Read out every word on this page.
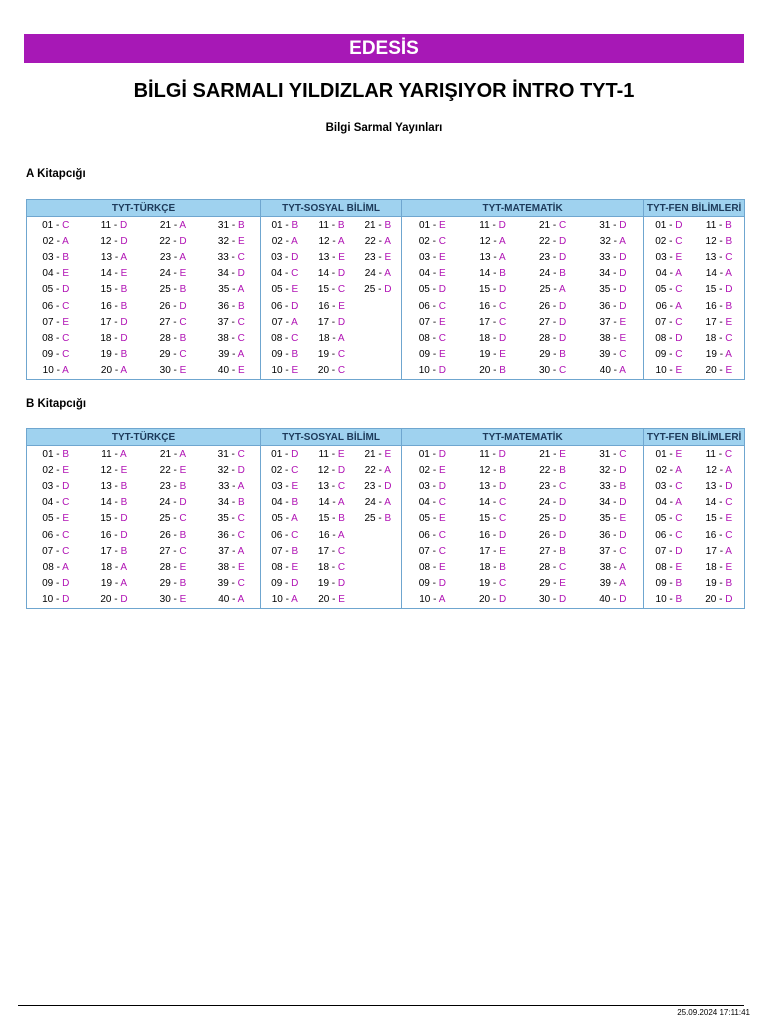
EDESİS
BİLGİ SARMALI YILDIZLAR YARIŞIYOR İNTRO TYT-1
Bilgi Sarmal Yayınları
A Kitapcığı
TYT-TÜRKÇE				TYT-SOSYAL BİLİML			TYT-MATEMATİK				TYT-FEN BİLİMLERİ	
01 - C	11 - D	21 - A	31 - B	01 - B	11 - B	21 - B	01 - E	11 - D	21 - C	31 - D	01 - D	11 - B
02 - A	12 - D	22 - D	32 - E	02 - A	12 - A	22 - A	02 - C	12 - A	22 - D	32 - A	02 - C	12 - B
03 - B	13 - A	23 - A	33 - C	03 - D	13 - E	23 - E	03 - E	13 - A	23 - D	33 - D	03 - E	13 - C
04 - E	14 - E	24 - E	34 - D	04 - C	14 - D	24 - A	04 - E	14 - B	24 - B	34 - D	04 - A	14 - A
05 - D	15 - B	25 - B	35 - A	05 - E	15 - C	25 - D	05 - D	15 - D	25 - A	35 - D	05 - C	15 - D
06 - C	16 - B	26 - D	36 - B	06 - D	16 - E		06 - C	16 - C	26 - D	36 - D	06 - A	16 - B
07 - E	17 - D	27 - C	37 - C	07 - A	17 - D		07 - E	17 - C	27 - D	37 - E	07 - C	17 - E
08 - C	18 - D	28 - B	38 - C	08 - C	18 - A		08 - C	18 - D	28 - D	38 - E	08 - D	18 - C
09 - C	19 - B	29 - C	39 - A	09 - B	19 - C		09 - E	19 - E	29 - B	39 - C	09 - C	19 - A
10 - A	20 - A	30 - E	40 - E	10 - E	20 - C		10 - D	20 - B	30 - C	40 - A	10 - E	20 - E
B Kitapcığı
TYT-TÜRKÇE				TYT-SOSYAL BİLİML			TYT-MATEMATİK				TYT-FEN BİLİMLERİ	
01 - B	11 - A	21 - A	31 - C	01 - D	11 - E	21 - E	01 - D	11 - D	21 - E	31 - C	01 - E	11 - C
02 - E	12 - E	22 - E	32 - D	02 - C	12 - D	22 - A	02 - E	12 - B	22 - B	32 - D	02 - A	12 - A
03 - D	13 - B	23 - B	33 - A	03 - E	13 - C	23 - D	03 - D	13 - D	23 - C	33 - B	03 - C	13 - D
04 - C	14 - B	24 - D	34 - B	04 - B	14 - A	24 - A	04 - C	14 - C	24 - D	34 - D	04 - A	14 - C
05 - E	15 - D	25 - C	35 - C	05 - A	15 - B	25 - B	05 - E	15 - C	25 - D	35 - E	05 - C	15 - E
06 - C	16 - D	26 - B	36 - C	06 - C	16 - A		06 - C	16 - D	26 - D	36 - D	06 - C	16 - C
07 - C	17 - B	27 - C	37 - A	07 - B	17 - C		07 - C	17 - E	27 - B	37 - C	07 - D	17 - A
08 - A	18 - A	28 - E	38 - E	08 - E	18 - C		08 - E	18 - B	28 - C	38 - A	08 - E	18 - E
09 - D	19 - A	29 - B	39 - C	09 - D	19 - D		09 - D	19 - C	29 - E	39 - A	09 - B	19 - B
10 - D	20 - D	30 - E	40 - A	10 - A	20 - E		10 - A	20 - D	30 - D	40 - D	10 - B	20 - D
25.09.2024 17:11:41
